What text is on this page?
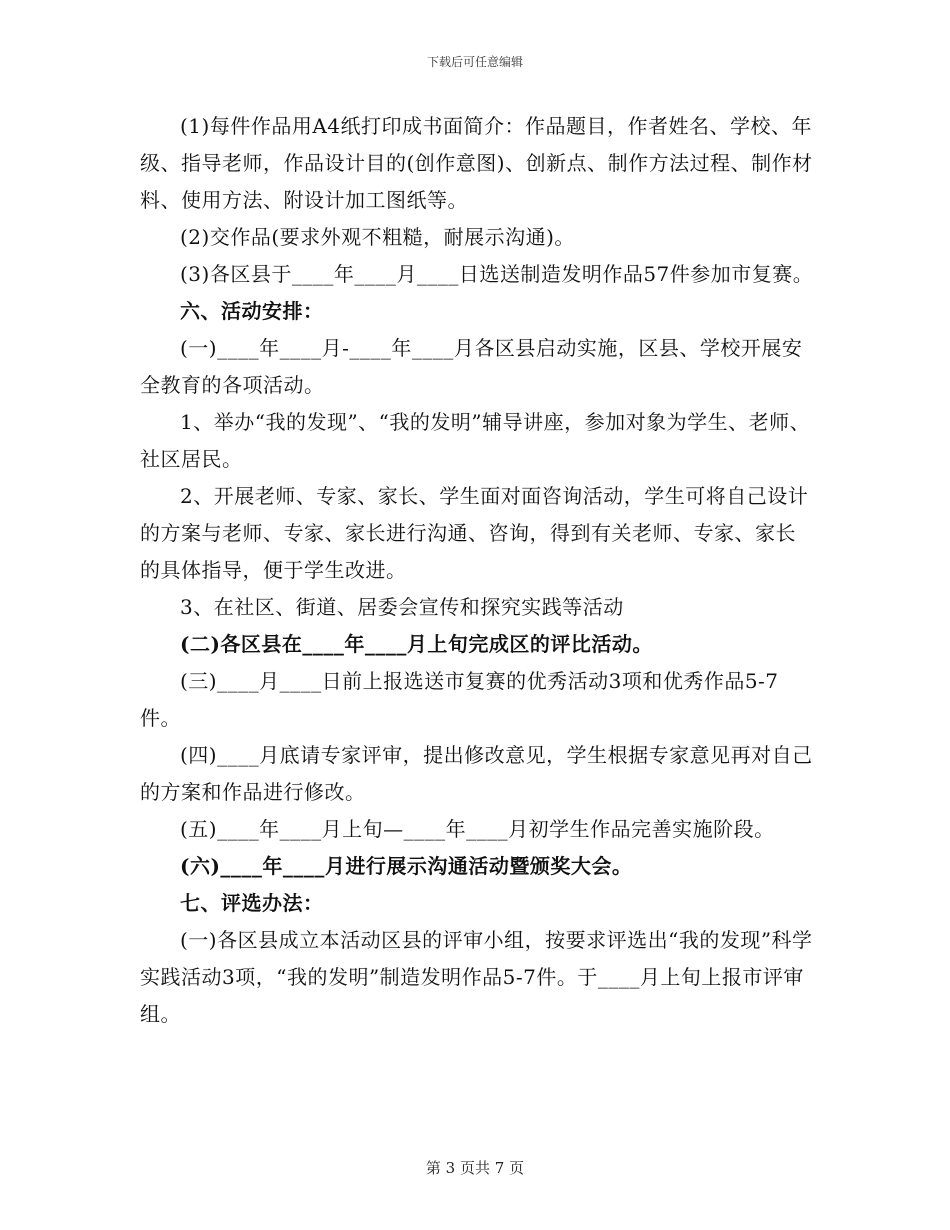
下载后可任意编辑

(1)每件作品用A4纸打印成书面简介：作品题目，作者姓名、学校、年级、指导老师，作品设计目的(创作意图)、创新点、制作方法过程、制作材料、使用方法、附设计加工图纸等。

(2)交作品(要求外观不粗糙，耐展示沟通)。

(3)各区县于____年____月____日选送制造发明作品57件参加市复赛。

六、活动安排：

(一)____年____月-____年____月各区县启动实施，区县、学校开展安全教育的各项活动。

1、举办“我的发现”、“我的发明”辅导讲座，参加对象为学生、老师、社区居民。

2、开展老师、专家、家长、学生面对面咨询活动，学生可将自己设计的方案与老师、专家、家长进行沟通、咨询，得到有关老师、专家、家长的具体指导，便于学生改进。

3、在社区、街道、居委会宣传和探究实践等活动

(二)各区县在____年____月上旬完成区的评比活动。

(三)____月____日前上报选送市复赛的优秀活动3项和优秀作品5-7件。

(四)____月底请专家评审，提出修改意见，学生根据专家意见再对自己的方案和作品进行修改。

(五)____年____月上旬—____年____月初学生作品完善实施阶段。

(六)____年____月进行展示沟通活动暨颁奖大会。

七、评选办法：

(一)各区县成立本活动区县的评审小组，按要求评选出“我的发现”科学实践活动3项，“我的发明”制造发明作品5-7件。于____月上旬上报市评审组。

第 3 页共 7 页
